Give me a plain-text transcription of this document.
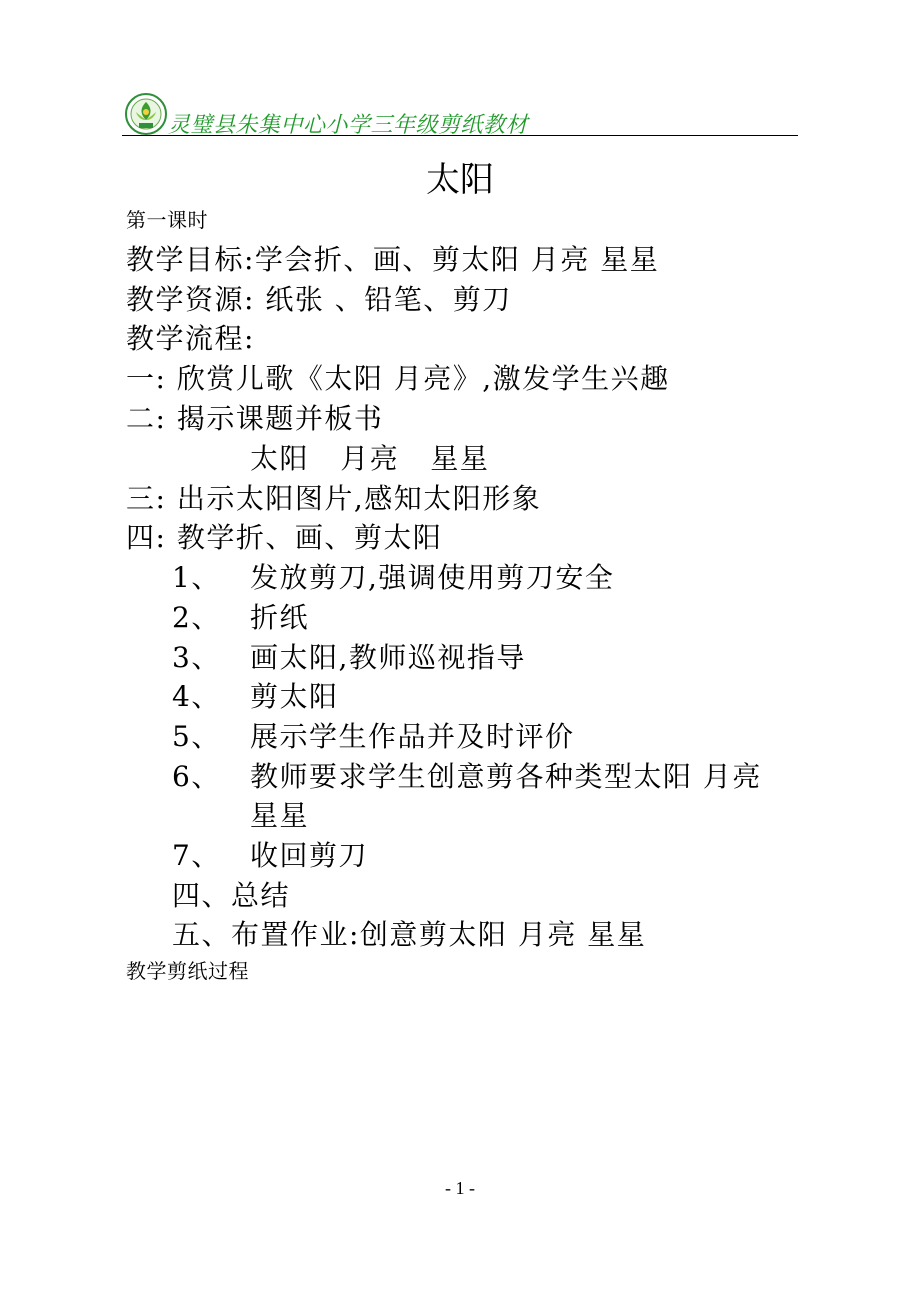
灵璧县朱集中心小学三年级剪纸教材
太阳
第一课时
教学目标:学会折、画、剪太阳 月亮 星星
教学资源: 纸张 、铅笔、剪刀
教学流程:
一: 欣赏儿歌《太阳 月亮》,激发学生兴趣
二: 揭示课题并板书
太阳   月亮   星星
三: 出示太阳图片,感知太阳形象
四: 教学折、画、剪太阳
1、 发放剪刀,强调使用剪刀安全
2、 折纸
3、 画太阳,教师巡视指导
4、 剪太阳
5、 展示学生作品并及时评价
6、 教师要求学生创意剪各种类型太阳 月亮
星星
7、 收回剪刀
四、总结
五、布置作业:创意剪太阳 月亮 星星
教学剪纸过程
- 1 -
